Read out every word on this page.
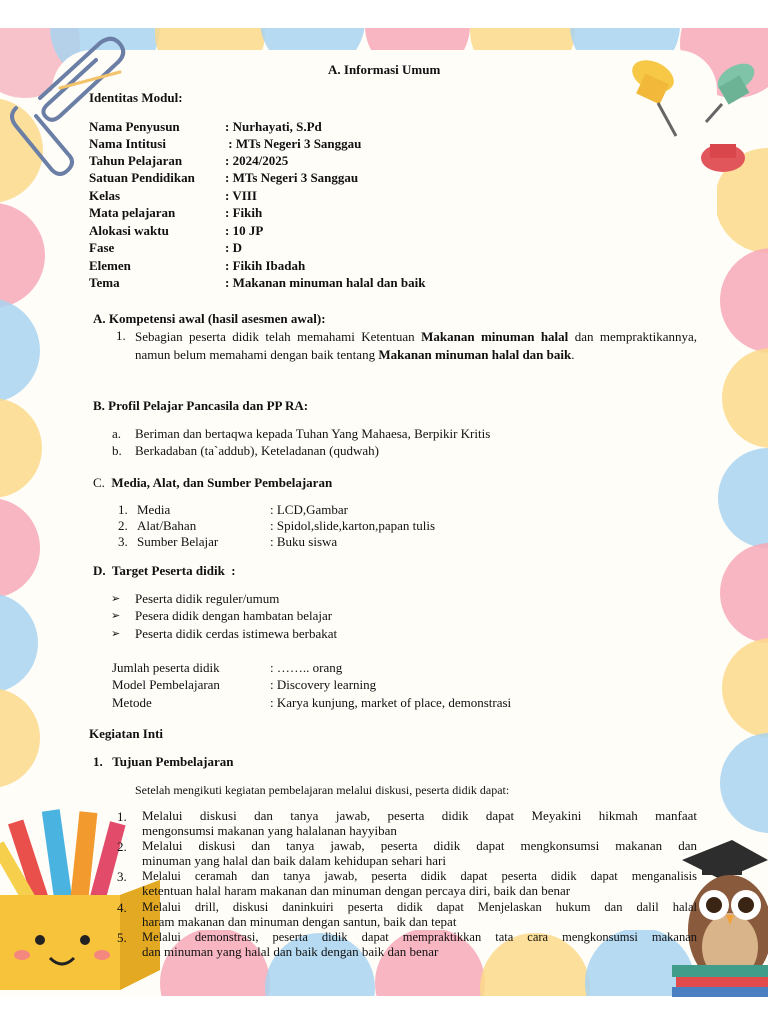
A. Informasi Umum
Identitas Modul:
Nama Penyusun	: Nurhayati, S.Pd
Nama Intitusi	: MTs Negeri 3 Sanggau
Tahun Pelajaran	: 2024/2025
Satuan Pendidikan : MTs Negeri 3 Sanggau
Kelas	: VIII
Mata pelajaran	: Fikih
Alokasi waktu	: 10 JP
Fase	: D
Elemen	: Fikih Ibadah
Tema	: Makanan minuman halal dan baik
A. Kompetensi awal (hasil asesmen awal):
1. Sebagian peserta didik telah memahami Ketentuan Makanan minuman halal dan mempraktikannya, namun belum memahami dengan baik tentang Makanan minuman halal dan baik.
B. Profil Pelajar Pancasila dan PP RA:
a. Beriman dan bertaqwa kepada Tuhan Yang Mahaesa, Berpikir Kritis
b. Berkadaban (ta`addub), Keteladanan (qudwah)
C.  Media, Alat, dan Sumber Pembelajaran
1. Media	: LCD,Gambar
2. Alat/Bahan	: Spidol,slide,karton,papan tulis
3. Sumber Belajar	: Buku siswa
D.  Target Peserta didik  :
➢ Peserta didik reguler/umum
➢ Pesera didik dengan hambatan belajar
➢ Peserta didik cerdas istimewa berbakat
Jumlah peserta didik	: …….. orang
Model Pembelajaran	: Discovery learning
Metode	: Karya kunjung, market of place, demonstrasi
Kegiatan Inti
1.   Tujuan Pembelajaran
Setelah mengikuti kegiatan pembelajaran melalui diskusi, peserta didik dapat:
1. Melalui diskusi dan tanya jawab, peserta didik dapat Meyakini hikmah manfaat
mengonsumsi makanan yang halalanan hayyiban
2. Melalui diskusi dan tanya jawab, peserta didik dapat mengkonsumsi makanan dan
minuman yang halal dan baik dalam kehidupan sehari hari
3. Melalui ceramah dan tanya jawab, peserta didik dapat peserta didik dapat menganalisis
ketentuan halal haram makanan dan minuman dengan percaya diri, baik dan benar
4. Melalui drill, diskusi daninkuiri peserta didik dapat Menjelaskan hukum dan dalil halal
haram makanan dan minuman dengan santun, baik dan tepat
5. Melalui demonstrasi, peserta didik dapat mempraktikkan tata cara mengkonsumsi makanan
dan minuman yang halal dan baik dengan baik dan benar
